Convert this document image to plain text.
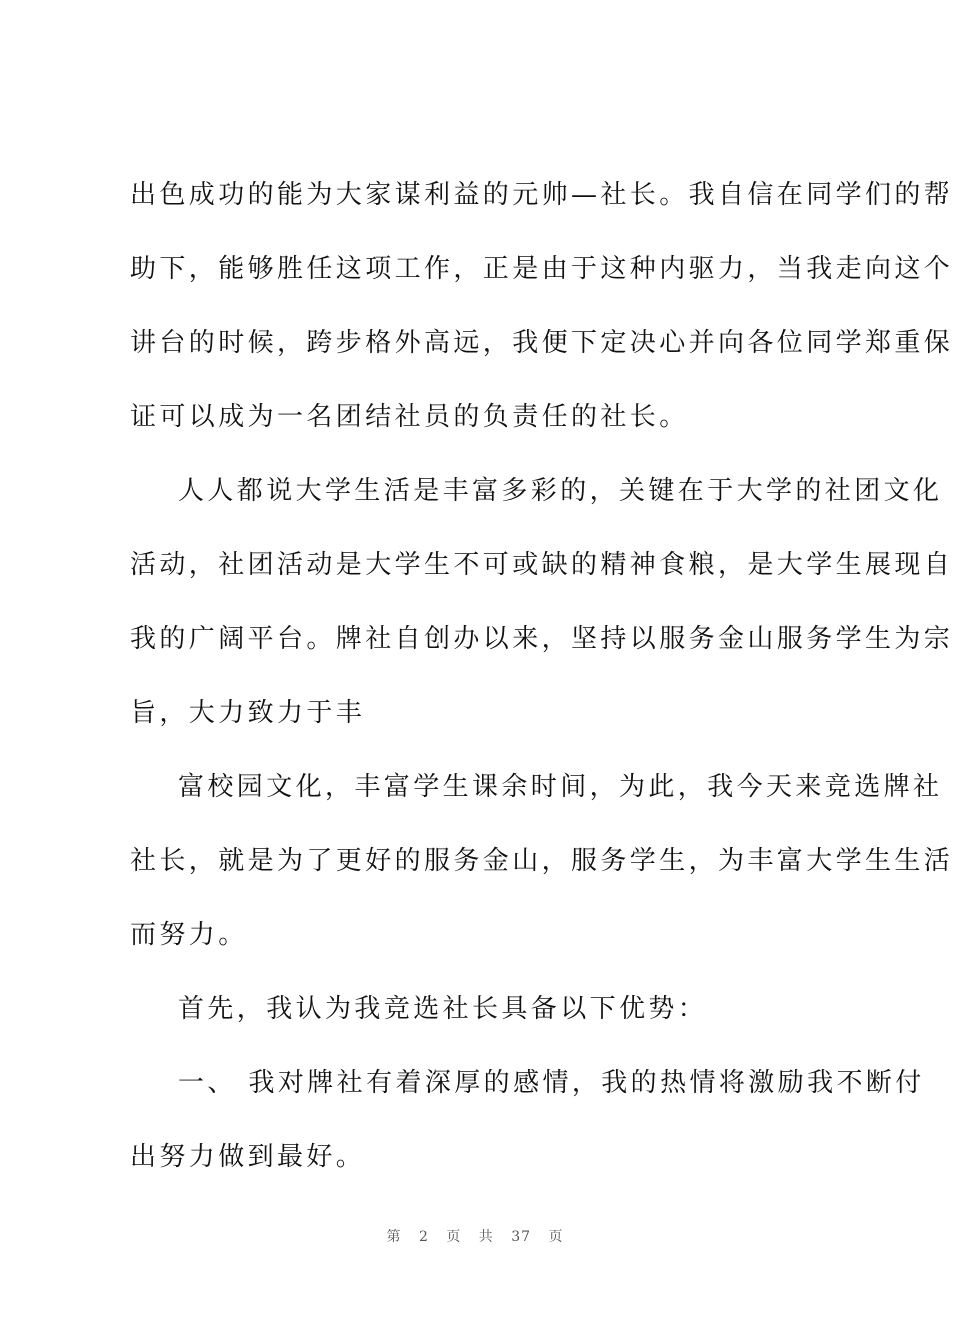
出色成功的能为大家谋利益的元帅—社长。我自信在同学们的帮
助下，能够胜任这项工作，正是由于这种内驱力，当我走向这个
讲台的时候，跨步格外高远，我便下定决心并向各位同学郑重保
证可以成为一名团结社员的负责任的社长。
人人都说大学生活是丰富多彩的，关键在于大学的社团文化
活动，社团活动是大学生不可或缺的精神食粮，是大学生展现自
我的广阔平台。牌社自创办以来，坚持以服务金山服务学生为宗
旨，大力致力于丰
富校园文化，丰富学生课余时间，为此，我今天来竞选牌社
社长，就是为了更好的服务金山，服务学生，为丰富大学生生活
而努力。
首先，我认为我竞选社长具备以下优势：
一、 我对牌社有着深厚的感情，我的热情将激励我不断付
出努力做到最好。
第 2 页 共 37 页
